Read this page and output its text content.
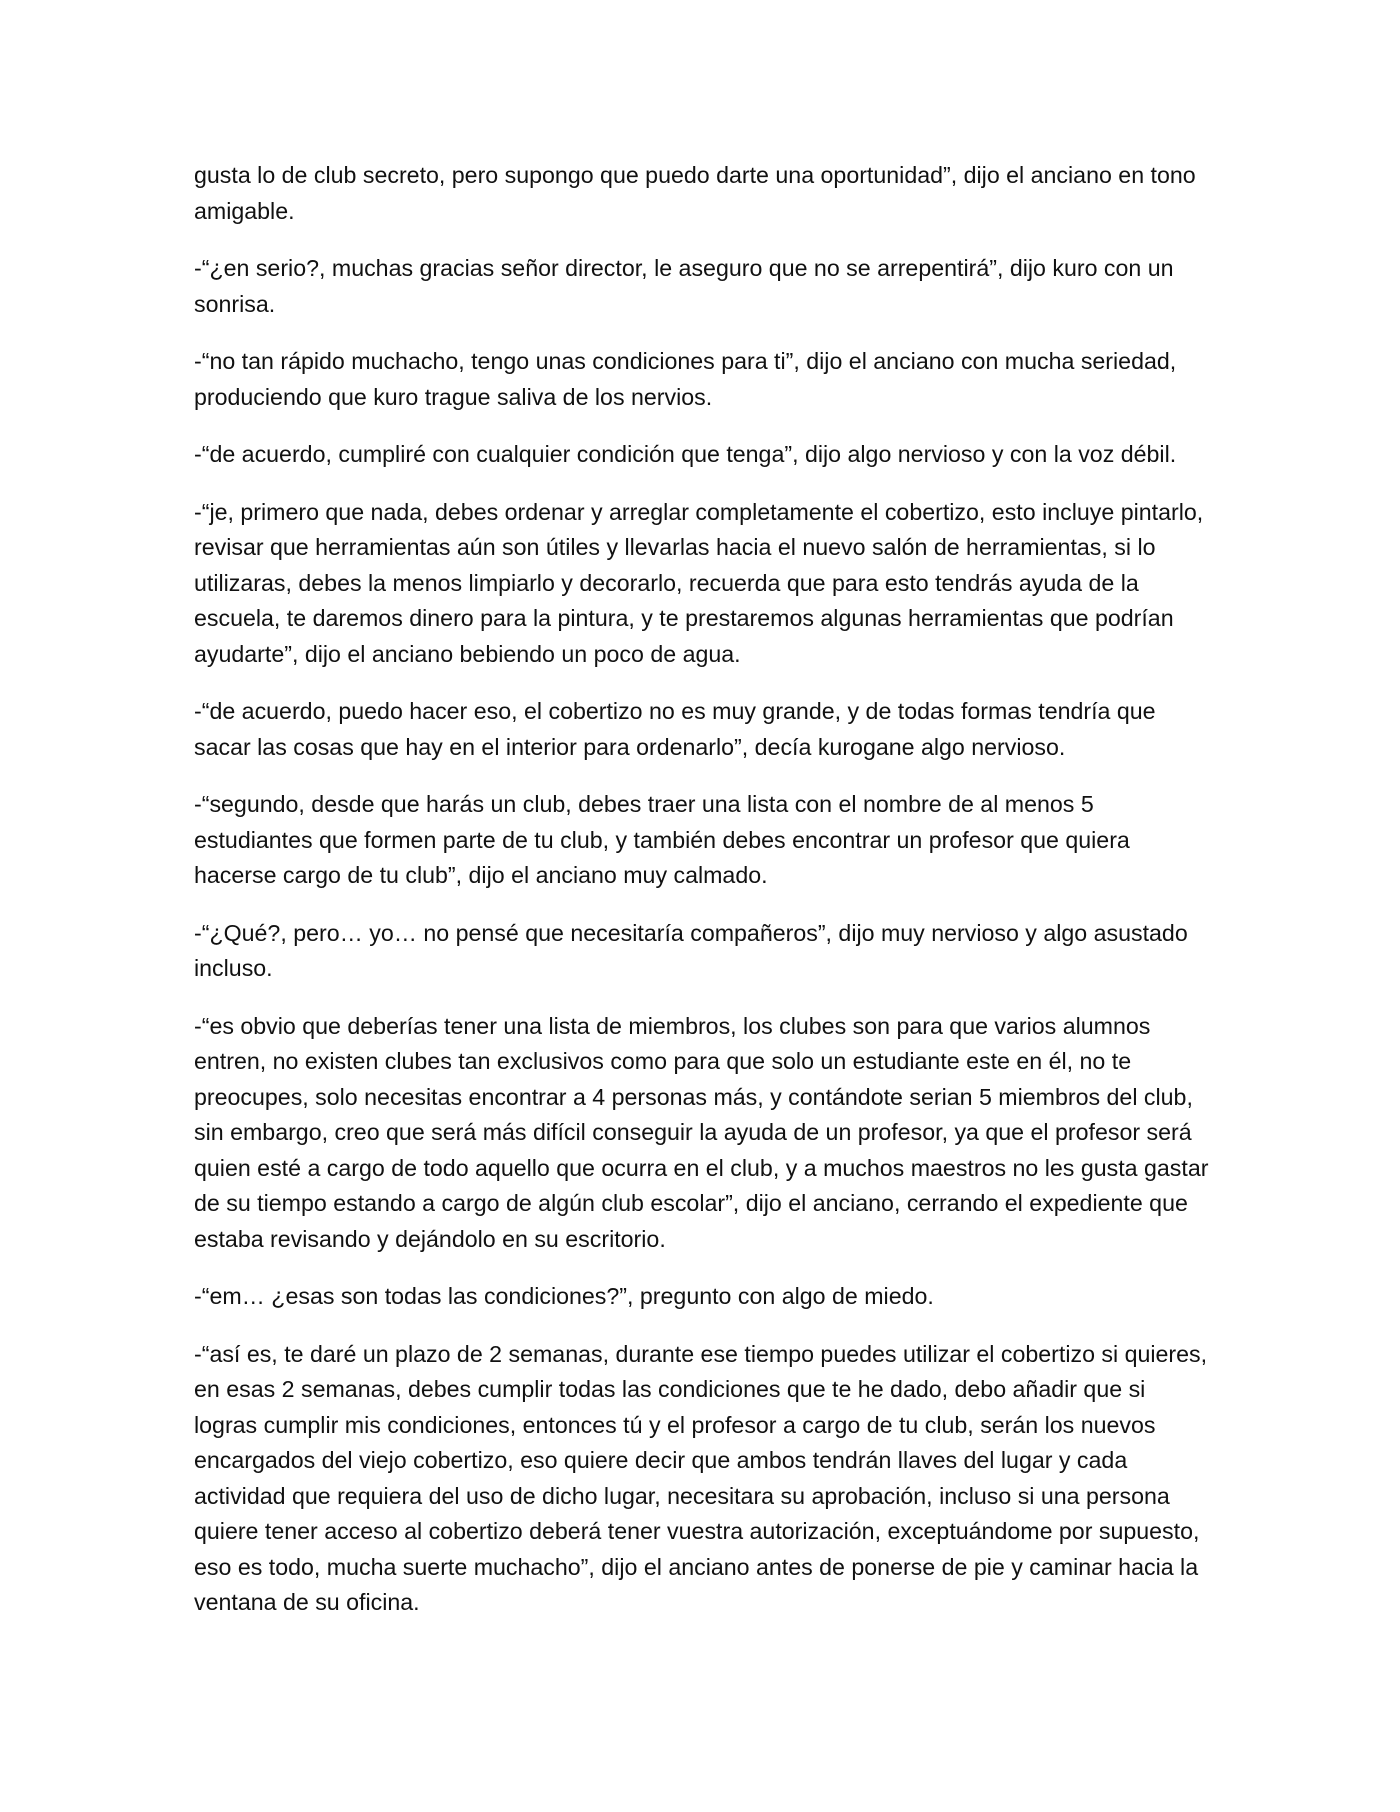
gusta lo de club secreto, pero supongo que puedo darte una oportunidad”, dijo el anciano en tono amigable.

-“¿en serio?, muchas gracias señor director, le aseguro que no se arrepentirá”, dijo kuro con un sonrisa.

-“no tan rápido muchacho, tengo unas condiciones para ti”, dijo el anciano con mucha seriedad, produciendo que kuro trague saliva de los nervios.

-“de acuerdo, cumpliré con cualquier condición que tenga”, dijo algo nervioso y con la voz débil.

-“je, primero que nada, debes ordenar y arreglar completamente el cobertizo, esto incluye pintarlo, revisar que herramientas aún son útiles y llevarlas hacia el nuevo salón de herramientas, si lo utilizaras, debes la menos limpiarlo y decorarlo, recuerda que para esto tendrás ayuda de la escuela, te daremos dinero para la pintura, y te prestaremos algunas herramientas que podrían ayudarte”, dijo el anciano bebiendo un poco de agua.

-“de acuerdo, puedo hacer eso, el cobertizo no es muy grande, y de todas formas tendría que sacar las cosas que hay en el interior para ordenarlo”, decía kurogane algo nervioso.

-“segundo, desde que harás un club, debes traer una lista con el nombre de al menos 5 estudiantes que formen parte de tu club, y también debes encontrar un profesor que quiera hacerse cargo de tu club”, dijo el anciano muy calmado.

-“¿Qué?, pero… yo… no pensé que necesitaría compañeros”, dijo muy nervioso y algo asustado incluso.

-“es obvio que deberías tener una lista de miembros, los clubes son para que varios alumnos entren, no existen clubes tan exclusivos como para que solo un estudiante este en él, no te preocupes, solo necesitas encontrar a 4 personas más, y contándote serian 5 miembros del club, sin embargo, creo que será más difícil conseguir la ayuda de un profesor, ya que el profesor será quien esté a cargo de todo aquello que ocurra en el club, y a muchos maestros no les gusta gastar de su tiempo estando a cargo de algún club escolar”, dijo el anciano, cerrando el expediente que estaba revisando y dejándolo en su escritorio.

-“em… ¿esas son todas las condiciones?”, pregunto con algo de miedo.

-“así es, te daré un plazo de 2 semanas, durante ese tiempo puedes utilizar el cobertizo si quieres, en esas 2 semanas, debes cumplir todas las condiciones que te he dado, debo añadir que si logras cumplir mis condiciones, entonces tú y el profesor a cargo de tu club, serán los nuevos encargados del viejo cobertizo, eso quiere decir que ambos tendrán llaves del lugar y cada actividad que requiera del uso de dicho lugar, necesitara su aprobación, incluso si una persona quiere tener acceso al cobertizo deberá tener vuestra autorización, exceptuándome por supuesto, eso es todo, mucha suerte muchacho”, dijo el anciano antes de ponerse de pie y caminar hacia la ventana de su oficina.
